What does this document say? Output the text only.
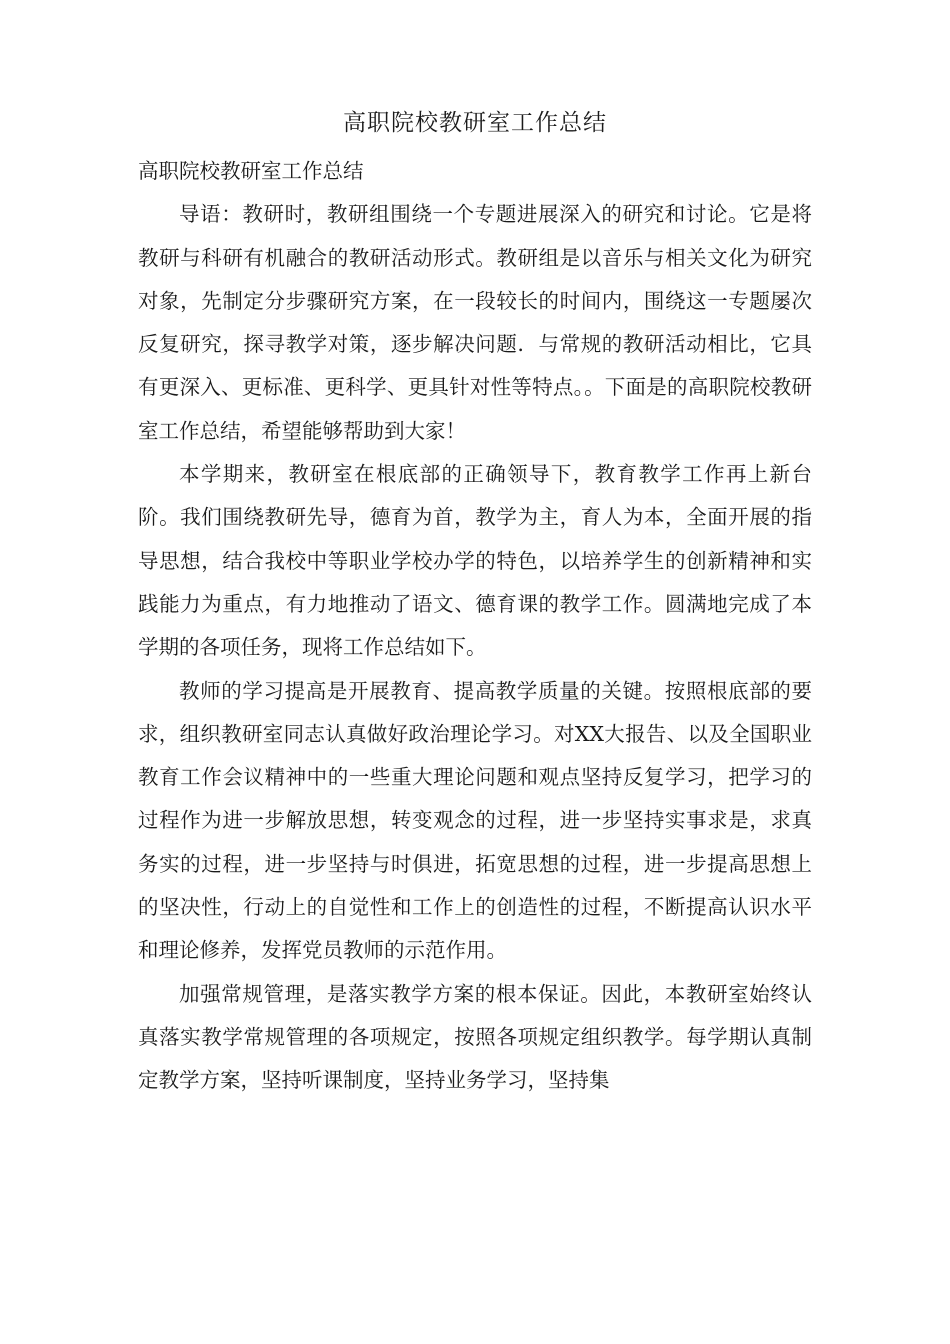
高职院校教研室工作总结

高职院校教研室工作总结

导语：教研时，教研组围绕一个专题进展深入的研究和讨论。它是将教研与科研有机融合的教研活动形式。教研组是以音乐与相关文化为研究对象，先制定分步骤研究方案，在一段较长的时间内，围绕这一专题屡次反复研究，探寻教学对策，逐步解决问题．与常规的教研活动相比，它具有更深入、更标准、更科学、更具针对性等特点。。下面是的高职院校教研室工作总结，希望能够帮助到大家！

本学期来，教研室在根底部的正确领导下，教育教学工作再上新台阶。我们围绕教研先导，德育为首，教学为主，育人为本，全面开展的指导思想，结合我校中等职业学校办学的特色，以培养学生的创新精神和实践能力为重点，有力地推动了语文、德育课的教学工作。圆满地完成了本学期的各项任务，现将工作总结如下。

教师的学习提高是开展教育、提高教学质量的关键。按照根底部的要求，组织教研室同志认真做好政治理论学习。对XX大报告、以及全国职业教育工作会议精神中的一些重大理论问题和观点坚持反复学习，把学习的过程作为进一步解放思想，转变观念的过程，进一步坚持实事求是，求真务实的过程，进一步坚持与时俱进，拓宽思想的过程，进一步提高思想上的坚决性，行动上的自觉性和工作上的创造性的过程，不断提高认识水平和理论修养，发挥党员教师的示范作用。

加强常规管理，是落实教学方案的根本保证。因此，本教研室始终认真落实教学常规管理的各项规定，按照各项规定组织教学。每学期认真制定教学方案，坚持听课制度，坚持业务学习，坚持集
